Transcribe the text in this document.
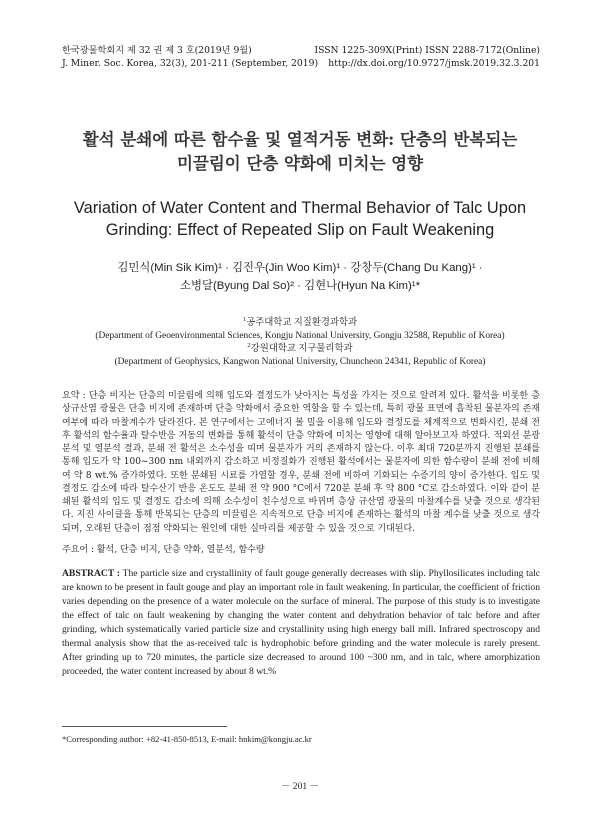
한국광물학회지 제 32 권 제 3 호(2019년 9월)	ISSN 1225-309X(Print) ISSN 2288-7172(Online)
J. Miner. Soc. Korea, 32(3), 201-211 (September, 2019) http://dx.doi.org/10.9727/jmsk.2019.32.3.201
활석 분쇄에 따른 함수율 및 열적거동 변화: 단층의 반복되는
미끌림이 단층 약화에 미치는 영향
Variation of Water Content and Thermal Behavior of Talc Upon
Grinding: Effect of Repeated Slip on Fault Weakening
김민식(Min Sik Kim)¹ · 김진우(Jin Woo Kim)¹ · 강창두(Chang Du Kang)¹ ·
소병달(Byung Dal So)² · 김현나(Hyun Na Kim)¹*
$^1$공주대학교 지질환경과학과
(Department of Geoenvironmental Sciences, Kongju National University, Gongju 32588, Republic of Korea)
$^2$강원대학교 지구물리학과
(Department of Geophysics, Kangwon National University, Chuncheon 24341, Republic of Korea)
요약 : 단층 비지는 단층의 미끌림에 의해 입도와 결정도가 낮아지는 특성을 가지는 것으로 알려져 있다. 활석을 비롯한 층상규산염 광물은 단층 비지에 존재하며 단층 약화에서 중요한 역할을 할 수 있는데, 특히 광물 표면에 흡착된 물분자의 존재 여부에 따라 마찰계수가 달라진다. 본 연구에서는 고에너지 볼 밀을 이용해 입도와 결정도를 체계적으로 변화시킨, 분쇄 전후 활석의 함수율과 탈수반응 거동의 변화를 통해 활석이 단층 약화에 미치는 영향에 대해 알아보고자 하였다. 적외선 분광분석 및 열분석 결과, 분쇄 전 활석은 소수성을 띠며 물분자가 거의 존재하지 않는다. 이후 최대 720분까지 진행된 분쇄를 통해 입도가 약 100~300 nm 내외까지 감소하고 비정질화가 진행된 활석에서는 물분자에 의한 함수량이 분쇄 전에 비해여 약 8 wt.% 증가하였다. 또한 분쇄된 시료를 가열할 경우, 분쇄 전에 비하여 기화되는 수증기의 양이 증가한다. 입도 및 결정도 감소에 따라 탈수산기 반응 온도도 분쇄 전 약 900 °C에서 720분 분쇄 후 약 800 °C로 감소하였다. 이와 같이 분쇄된 활석의 입도 및 결정도 감소에 의해 소수성이 친수성으로 바뀌며 층상 규산염 광물의 마찰계수를 낮출 것으로 생각된다. 지진 사이클을 통해 반복되는 단층의 미끌림은 지속적으로 단층 비지에 존재하는 활석의 마찰 계수를 낮출 것으로 생각되며, 오래된 단층이 점점 약화되는 원인에 대한 실마리를 제공할 수 있을 것으로 기대된다.
주요어 : 활석, 단층 비지, 단층 약화, 열분석, 함수량
ABSTRACT : The particle size and crystallinity of fault gouge generally decreases with slip. Phyllosilicates including talc are known to be present in fault gouge and play an important role in fault weakening. In particular, the coefficient of friction varies depending on the presence of a water molecule on the surface of mineral. The purpose of this study is to investigate the effect of talc on fault weakening by changing the water content and dehydration behavior of talc before and after grinding, which systematically varied particle size and crystallinity using high energy ball mill. Infrared spectroscopy and thermal analysis show that the as-received talc is hydrophobic before grinding and the water molecule is rarely present. After grinding up to 720 minutes, the particle size decreased to around 100 ~300 nm, and in talc, where amorphization proceeded, the water content increased by about 8 wt.%
*Corresponding author: +82-41-850-8513, E-mail: hnkim@kongju.ac.kr
－ 201 －
